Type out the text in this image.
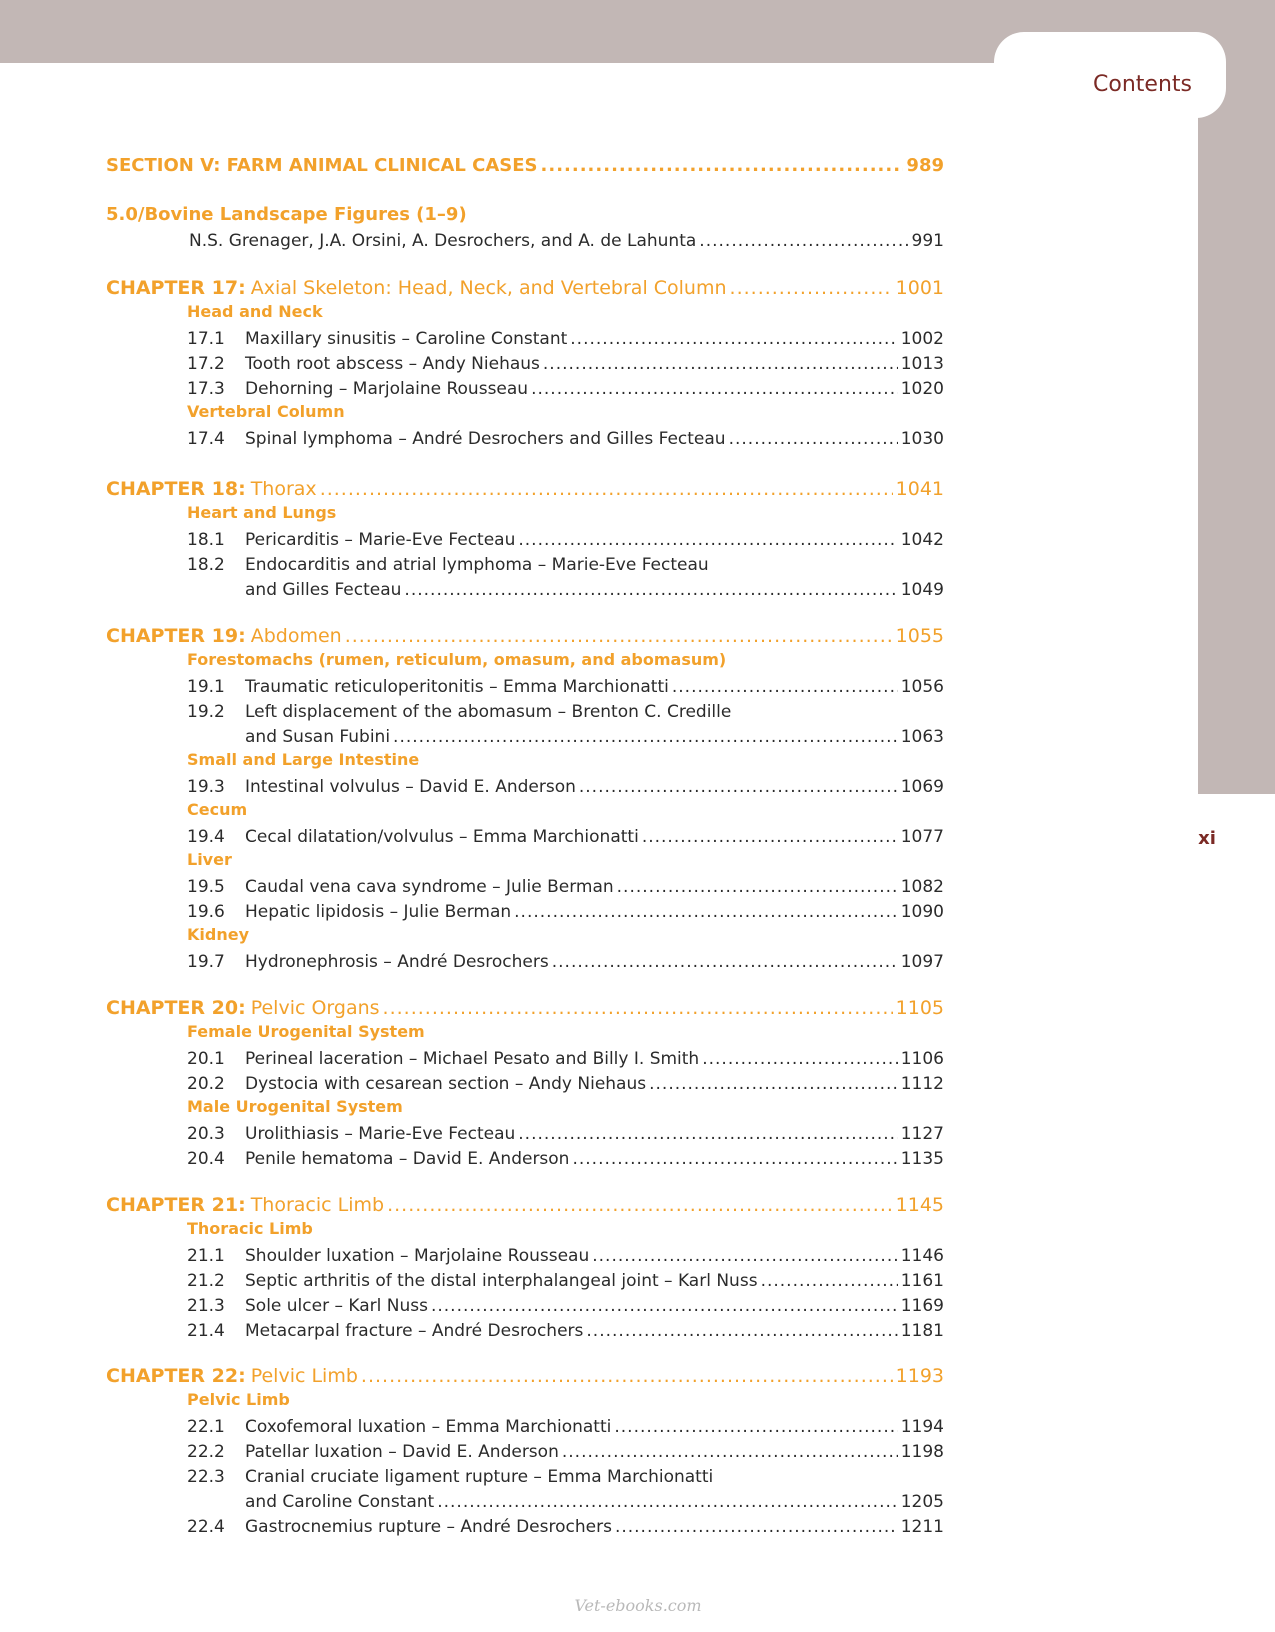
Contents
xi
SECTION V: FARM ANIMAL CLINICAL CASES .....	989
5.0/Bovine Landscape Figures (1–9)
N.S. Grenager, J.A. Orsini, A. Desrochers, and A. de Lahunta .....	991
CHAPTER 17: Axial Skeleton: Head, Neck, and Vertebral Column .....	1001
Head and Neck
17.1	Maxillary sinusitis – Caroline Constant .....	1002
17.2	Tooth root abscess – Andy Niehaus .....	1013
17.3	Dehorning – Marjolaine Rousseau .....	1020
Vertebral Column
17.4	Spinal lymphoma – André Desrochers and Gilles Fecteau .....	1030
CHAPTER 18: Thorax .....	1041
Heart and Lungs
18.1	Pericarditis – Marie-Eve Fecteau .....	1042
18.2	Endocarditis and atrial lymphoma – Marie-Eve Fecteau
and Gilles Fecteau .....	1049
CHAPTER 19: Abdomen .....	1055
Forestomachs (rumen, reticulum, omasum, and abomasum)
19.1	Traumatic reticuloperitonitis – Emma Marchionatti .....	1056
19.2	Left displacement of the abomasum – Brenton C. Credille
and Susan Fubini .....	1063
Small and Large Intestine
19.3	Intestinal volvulus – David E. Anderson .....	1069
Cecum
19.4	Cecal dilatation/volvulus – Emma Marchionatti .....	1077
Liver
19.5	Caudal vena cava syndrome – Julie Berman .....	1082
19.6	Hepatic lipidosis – Julie Berman .....	1090
Kidney
19.7	Hydronephrosis – André Desrochers .....	1097
CHAPTER 20: Pelvic Organs .....	1105
Female Urogenital System
20.1	Perineal laceration – Michael Pesato and Billy I. Smith .....	1106
20.2	Dystocia with cesarean section – Andy Niehaus .....	1112
Male Urogenital System
20.3	Urolithiasis – Marie-Eve Fecteau .....	1127
20.4	Penile hematoma – David E. Anderson .....	1135
CHAPTER 21: Thoracic Limb .....	1145
Thoracic Limb
21.1	Shoulder luxation – Marjolaine Rousseau .....	1146
21.2	Septic arthritis of the distal interphalangeal joint – Karl Nuss .....	1161
21.3	Sole ulcer – Karl Nuss .....	1169
21.4	Metacarpal fracture – André Desrochers .....	1181
CHAPTER 22: Pelvic Limb .....	1193
Pelvic Limb
22.1	Coxofemoral luxation – Emma Marchionatti .....	1194
22.2	Patellar luxation – David E. Anderson .....	1198
22.3	Cranial cruciate ligament rupture – Emma Marchionatti
and Caroline Constant .....	1205
22.4	Gastrocnemius rupture – André Desrochers .....	1211
Vet-ebooks.com
